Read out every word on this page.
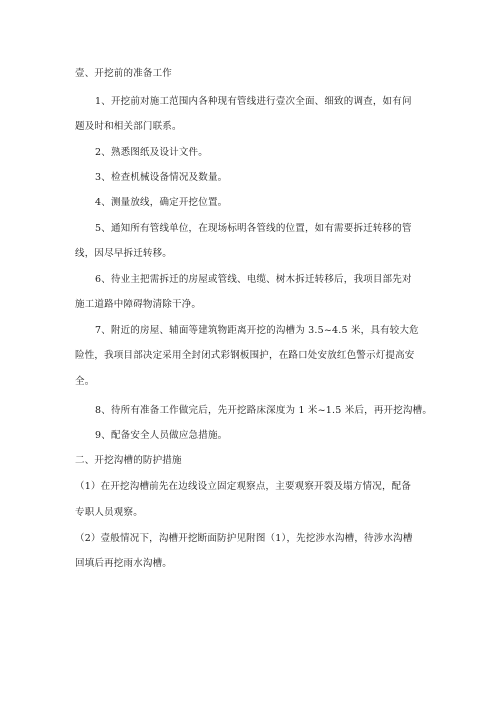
壹、开挖前的准备工作
1、开挖前对施工范围内各种现有管线进行壹次全面、细致的调查，如有问
题及时和相关部门联系。
2、熟悉图纸及设计文件。
3、检查机械设备情况及数量。
4、测量放线，确定开挖位置。
5、通知所有管线单位，在现场标明各管线的位置，如有需要拆迁转移的管
线，因尽早拆迁转移。
6、待业主把需拆迁的房屋或管线、电缆、树木拆迁转移后，我项目部先对
施工道路中障碍物清除干净。
7、附近的房屋、辅面等建筑物距离开挖的沟槽为 3.5~4.5 米，具有较大危
险性，我项目部决定采用全封闭式彩钢板围护，在路口处安放红色警示灯提高安
全。
8、待所有准备工作做完后，先开挖路床深度为 1 米~1.5 米后，再开挖沟槽。
9、配备安全人员做应急措施。
二、开挖沟槽的防护措施
（1）在开挖沟槽前先在边线设立固定观察点，主要观察开裂及塌方情况，配备
专职人员观察。
（2）壹般情况下，沟槽开挖断面防护见附图（1），先挖涉水沟槽，待涉水沟槽
回填后再挖雨水沟槽。
